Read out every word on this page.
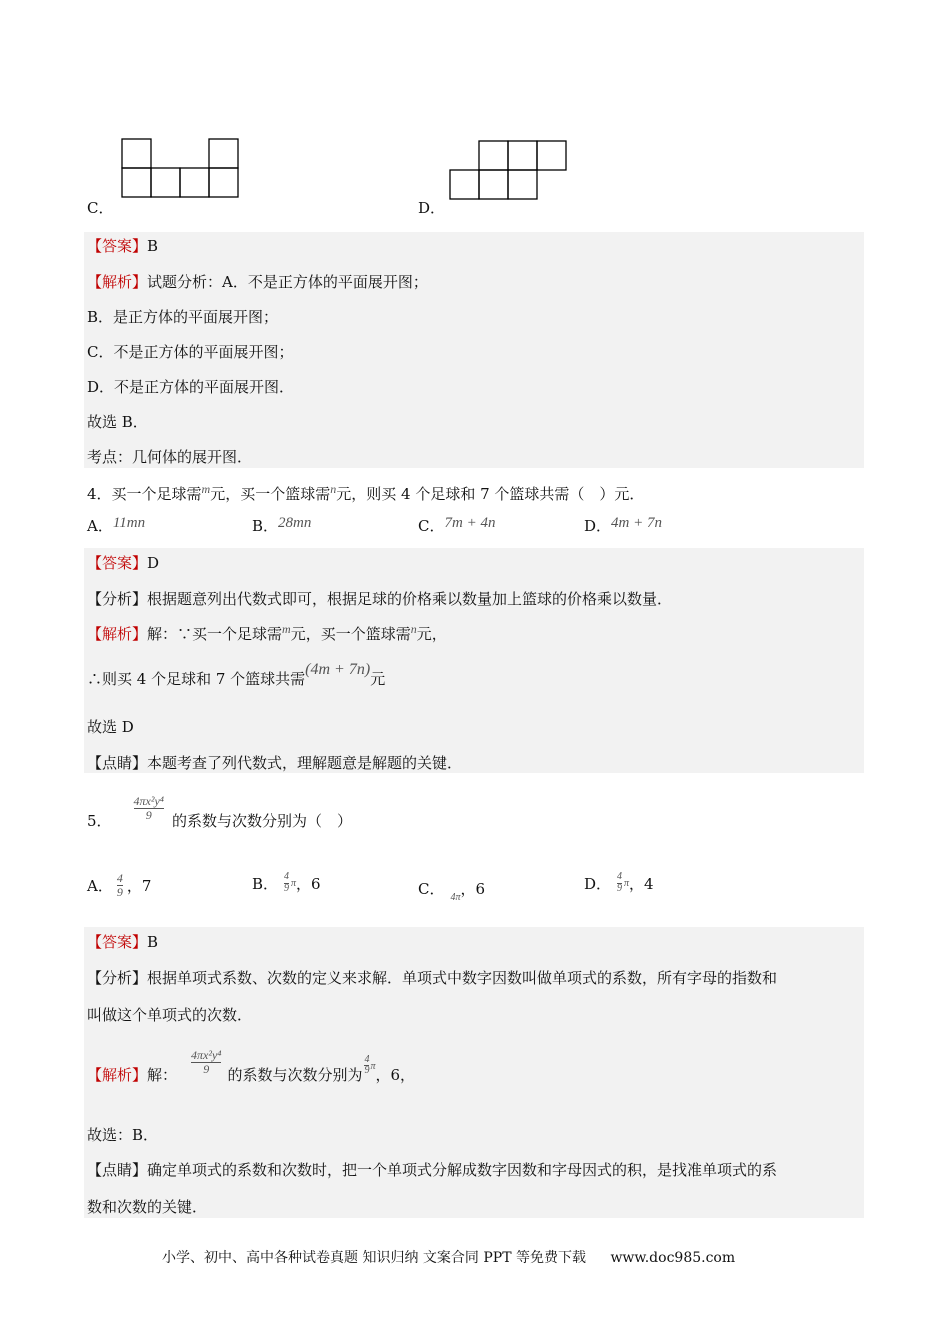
C．	D．
【答案】B
【解析】试题分析：A．不是正方体的平面展开图；
B．是正方体的平面展开图；
C．不是正方体的平面展开图；
D．不是正方体的平面展开图．
故选 B．
考点：几何体的展开图．
4．买一个足球需$^m$元，买一个篮球需$^n$元，则买 4 个足球和 7 个篮球共需（　）元．
A．11mn	B．28mn	C．7m + 4n	D．4m + 7n
【答案】D
【分析】根据题意列出代数式即可，根据足球的价格乘以数量加上篮球的价格乘以数量．
【解析】解：∵买一个足球需$^m$元，买一个篮球需$^n$元，
∴则买 4 个足球和 7 个篮球共需(4m + 7n)元
故选 D
【点睛】本题考查了列代数式，理解题意是解题的关键．
5． $\frac{\text{4πx²y⁴}}{9}$ 的系数与次数分别为（　）
A． $\frac{4}{9}$ ，7	B． $\frac{4}{9}$ π ，6	C． $_{4\pi}$，6	D． $\frac{4}{9}$ π ，4
【答案】B
【分析】根据单项式系数、次数的定义来求解．单项式中数字因数叫做单项式的系数，所有字母的指数和
叫做这个单项式的次数．
【解析】 解： $\frac{\text{4πx²y⁴}}{9}$ 的系数与次数分别为 $\frac{4}{9}$ π ，6，
故选：B．
【点睛】确定单项式的系数和次数时，把一个单项式分解成数字因数和字母因式的积，是找准单项式的系
数和次数的关键．
小学、初中、高中各种试卷真题 知识归纳 文案合同 PPT 等免费下载 www.doc985.com
